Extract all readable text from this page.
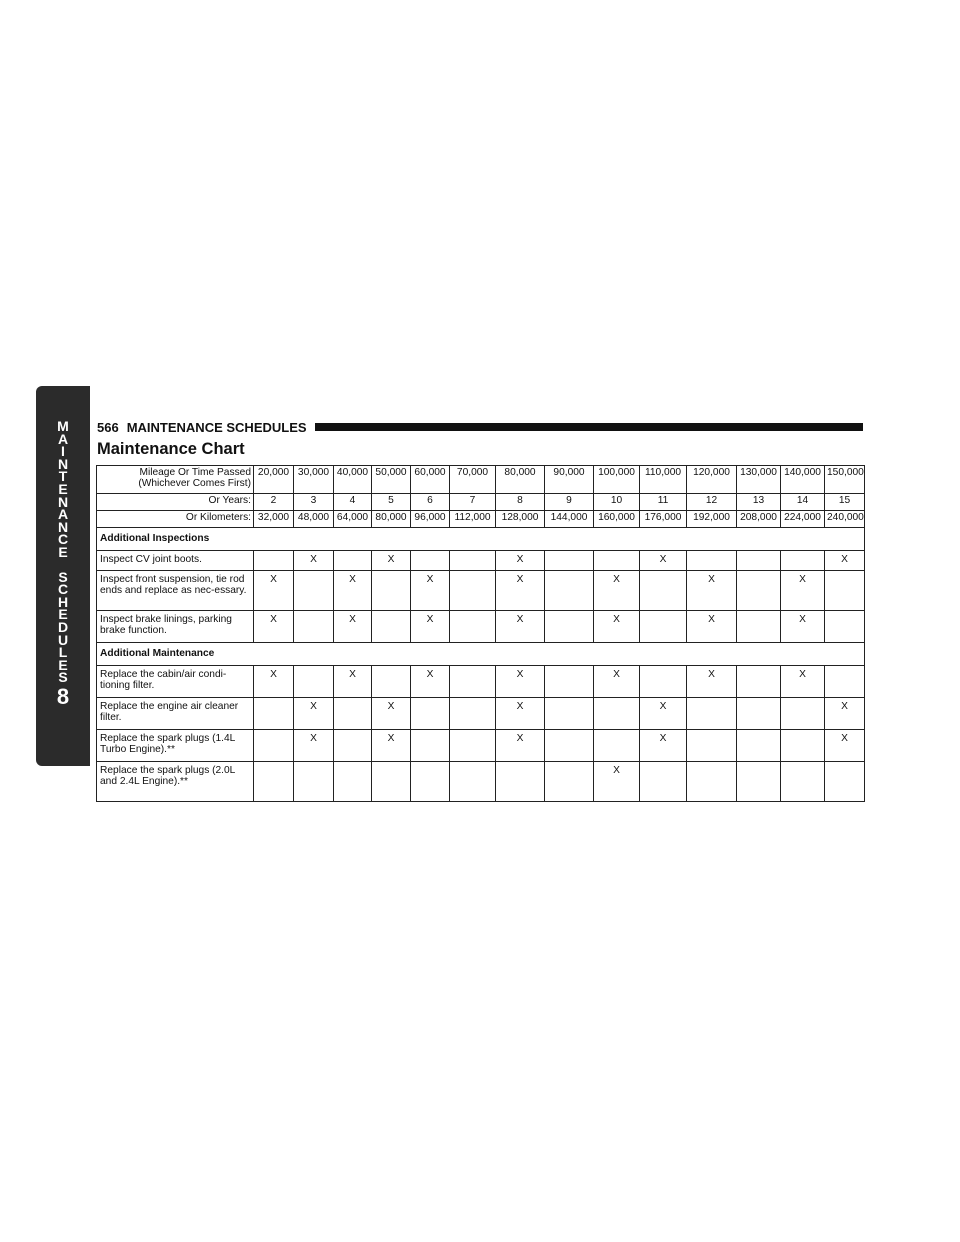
M
A
I
N
T
E
N
A
N
C
E
S
C
H
E
D
U
L
E
S
8
566 MAINTENANCE SCHEDULES
Maintenance Chart
Mileage Or Time Passed (Whichever Comes First)	20,000	30,000	40,000	50,000	60,000	70,000	80,000	90,000	100,000	110,000	120,000	130,000	140,000	150,000
Or Years:	2	3	4	5	6	7	8	9	10	11	12	13	14	15
Or Kilometers:	32,000	48,000	64,000	80,000	96,000	112,000	128,000	144,000	160,000	176,000	192,000	208,000	224,000	240,000
Additional Inspections														
Inspect CV joint boots.		X		X			X			X				X
Inspect front suspension, tie rod ends and replace as nec-essary.	X		X		X		X		X		X		X	
Inspect brake linings, parking brake function.	X		X		X		X		X		X		X	
Additional Maintenance														
Replace the cabin/air condi-tioning filter.	X		X		X		X		X		X		X	
Replace the engine air cleaner filter.		X		X			X			X				X
Replace the spark plugs (1.4L Turbo Engine).**		X		X			X			X				X
Replace the spark plugs (2.0L and 2.4L Engine).**									X					
